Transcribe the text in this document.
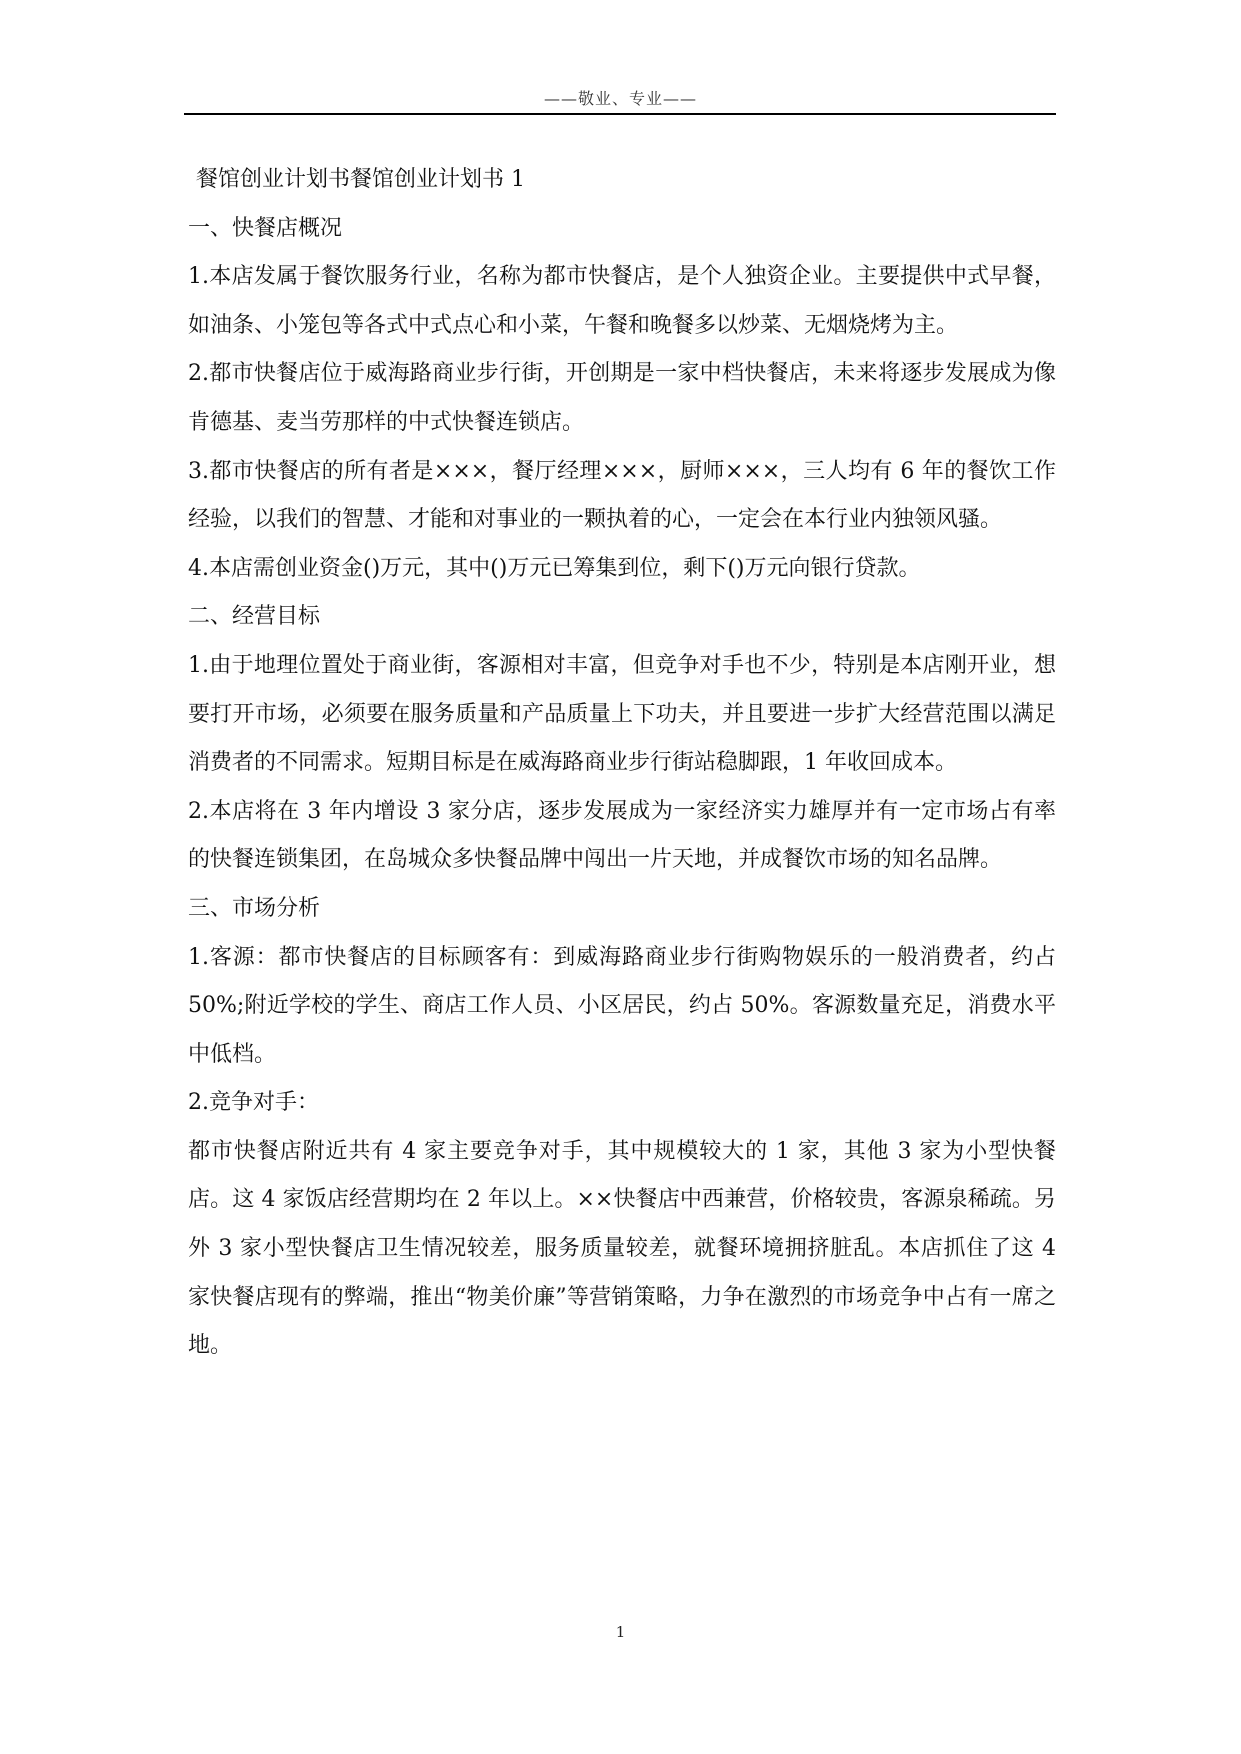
——敬业、专业——

餐馆创业计划书餐馆创业计划书 1

一、快餐店概况

1.本店发属于餐饮服务行业，名称为都市快餐店，是个人独资企业。主要提供中式早餐，如油条、小笼包等各式中式点心和小菜，午餐和晚餐多以炒菜、无烟烧烤为主。

2.都市快餐店位于威海路商业步行街，开创期是一家中档快餐店，未来将逐步发展成为像肯德基、麦当劳那样的中式快餐连锁店。

3.都市快餐店的所有者是×××，餐厅经理×××，厨师×××，三人均有 6 年的餐饮工作经验，以我们的智慧、才能和对事业的一颗执着的心，一定会在本行业内独领风骚。

4.本店需创业资金()万元，其中()万元已筹集到位，剩下()万元向银行贷款。

二、经营目标

1.由于地理位置处于商业街，客源相对丰富，但竞争对手也不少，特别是本店刚开业，想要打开市场，必须要在服务质量和产品质量上下功夫，并且要进一步扩大经营范围以满足消费者的不同需求。短期目标是在威海路商业步行街站稳脚跟，1 年收回成本。

2.本店将在 3 年内增设 3 家分店，逐步发展成为一家经济实力雄厚并有一定市场占有率的快餐连锁集团，在岛城众多快餐品牌中闯出一片天地，并成餐饮市场的知名品牌。

三、市场分析

1.客源：都市快餐店的目标顾客有：到威海路商业步行街购物娱乐的一般消费者，约占 50%;附近学校的学生、商店工作人员、小区居民，约占 50%。客源数量充足，消费水平中低档。

2.竞争对手：

都市快餐店附近共有 4 家主要竞争对手，其中规模较大的 1 家，其他 3 家为小型快餐店。这 4 家饭店经营期均在 2 年以上。××快餐店中西兼营，价格较贵，客源泉稀疏。另外 3 家小型快餐店卫生情况较差，服务质量较差，就餐环境拥挤脏乱。本店抓住了这 4 家快餐店现有的弊端，推出“物美价廉”等营销策略，力争在激烈的市场竞争中占有一席之地。

1
